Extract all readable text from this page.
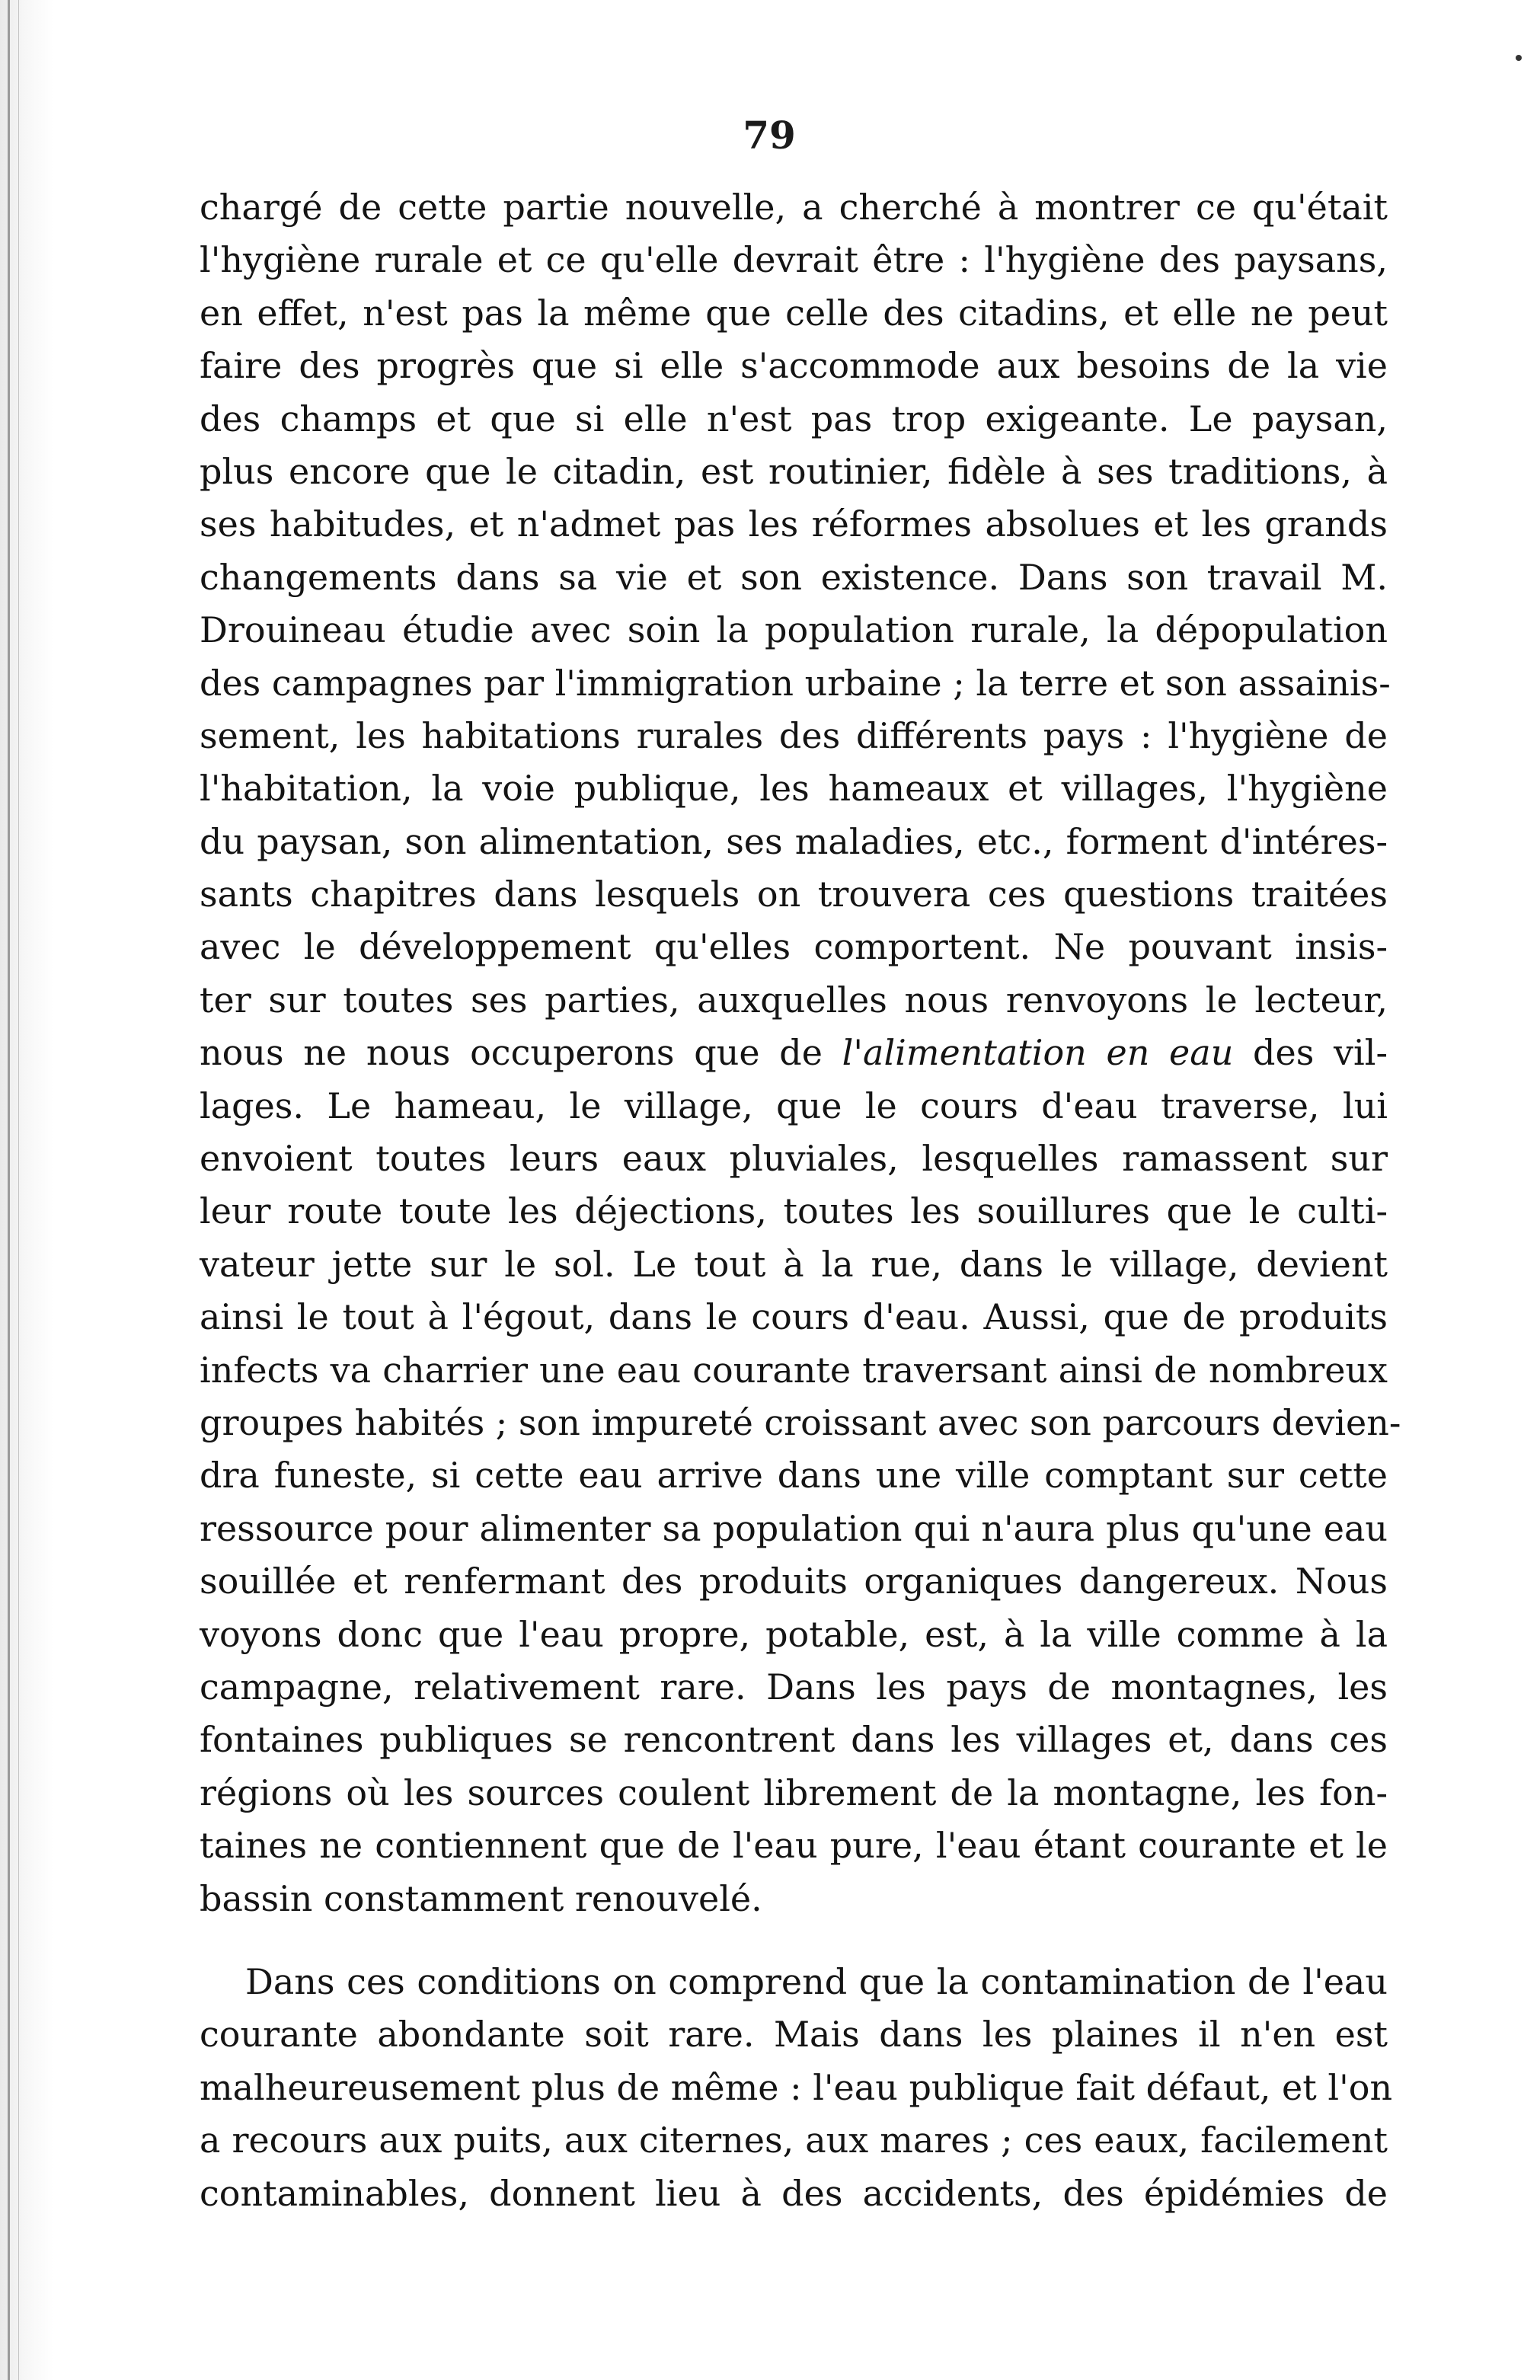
79

chargé de cette partie nouvelle, a cherché à montrer ce qu'était
l'hygiène rurale et ce qu'elle devrait être : l'hygiène des paysans,
en effet, n'est pas la même que celle des citadins, et elle ne peut
faire des progrès que si elle s'accommode aux besoins de la vie
des champs et que si elle n'est pas trop exigeante. Le paysan,
plus encore que le citadin, est routinier, fidèle à ses traditions, à
ses habitudes, et n'admet pas les réformes absolues et les grands
changements dans sa vie et son existence. Dans son travail M.
Drouineau étudie avec soin la population rurale, la dépopulation
des campagnes par l'immigration urbaine ; la terre et son assainis-
sement, les habitations rurales des différents pays : l'hygiène de
l'habitation, la voie publique, les hameaux et villages, l'hygiène
du paysan, son alimentation, ses maladies, etc., forment d'intéres-
sants chapitres dans lesquels on trouvera ces questions traitées
avec le développement qu'elles comportent. Ne pouvant insis-
ter sur toutes ses parties, auxquelles nous renvoyons le lecteur,
nous ne nous occuperons que de l'alimentation en eau des vil-
lages. Le hameau, le village, que le cours d'eau traverse, lui
envoient toutes leurs eaux pluviales, lesquelles ramassent sur
leur route toute les déjections, toutes les souillures que le culti-
vateur jette sur le sol. Le tout à la rue, dans le village, devient
ainsi le tout à l'égout, dans le cours d'eau. Aussi, que de produits
infects va charrier une eau courante traversant ainsi de nombreux
groupes habités ; son impureté croissant avec son parcours devien-
dra funeste, si cette eau arrive dans une ville comptant sur cette
ressource pour alimenter sa population qui n'aura plus qu'une eau
souillée et renfermant des produits organiques dangereux. Nous
voyons donc que l'eau propre, potable, est, à la ville comme à la
campagne, relativement rare. Dans les pays de montagnes, les
fontaines publiques se rencontrent dans les villages et, dans ces
régions où les sources coulent librement de la montagne, les fon-
taines ne contiennent que de l'eau pure, l'eau étant courante et le
bassin constamment renouvelé.
Dans ces conditions on comprend que la contamination de l'eau
courante abondante soit rare. Mais dans les plaines il n'en est
malheureusement plus de même : l'eau publique fait défaut, et l'on
a recours aux puits, aux citernes, aux mares ; ces eaux, facilement
contaminables, donnent lieu à des accidents, des épidémies de
